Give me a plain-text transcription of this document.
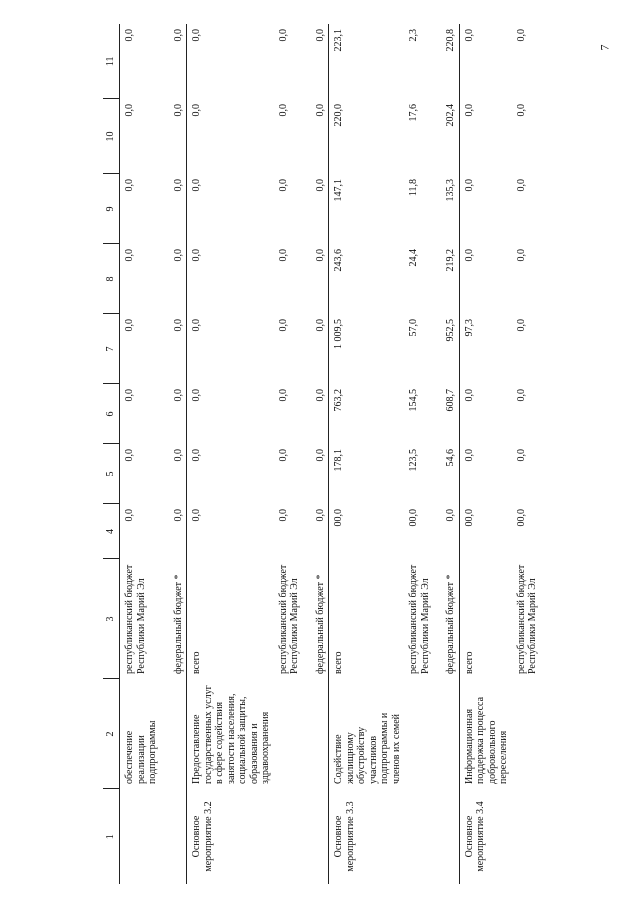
7
1	2	3	4	5	6	7	8	9	10	11
	обеспечение реализации подпрограммы	республиканский бюджет Республики Марий Эл	0,0	0,0	0,0	0,0	0,0	0,0	0,0	0,0
		федеральный бюджет *	0,0	0,0	0,0	0,0	0,0	0,0	0,0	0,0
Основное мероприятие 3.2	Предоставление государственных услуг в сфере содействия занятости населения, социальной защиты, образования и здравоохранения	всего	0,0	0,0	0,0	0,0	0,0	0,0	0,0	0,0
		республиканский бюджет Республики Марий Эл	0,0	0,0	0,0	0,0	0,0	0,0	0,0	0,0
		федеральный бюджет *	0,0	0,0	0,0	0,0	0,0	0,0	0,0	0,0
Основное мероприятие 3.3	Содействие жилищному обустройству участников подпрограммы и членов их семей	всего	00,0	178,1	763,2	1 009,5	243,6	147,1	220,0	223,1
		республиканский бюджет Республики Марий Эл	00,0	123,5	154,5	57,0	24,4	11,8	17,6	2,3
		федеральный бюджет *	0,0	54,6	608,7	952,5	219,2	135,3	202,4	220,8
Основное мероприятие 3.4	Информационная поддержка процесса добровольного переселения	всего	00,0	0,0	0,0	97,3	0,0	0,0	0,0	0,0
		республиканский бюджет Республики Марий Эл	00,0	0,0	0,0	0,0	0,0	0,0	0,0	0,0
